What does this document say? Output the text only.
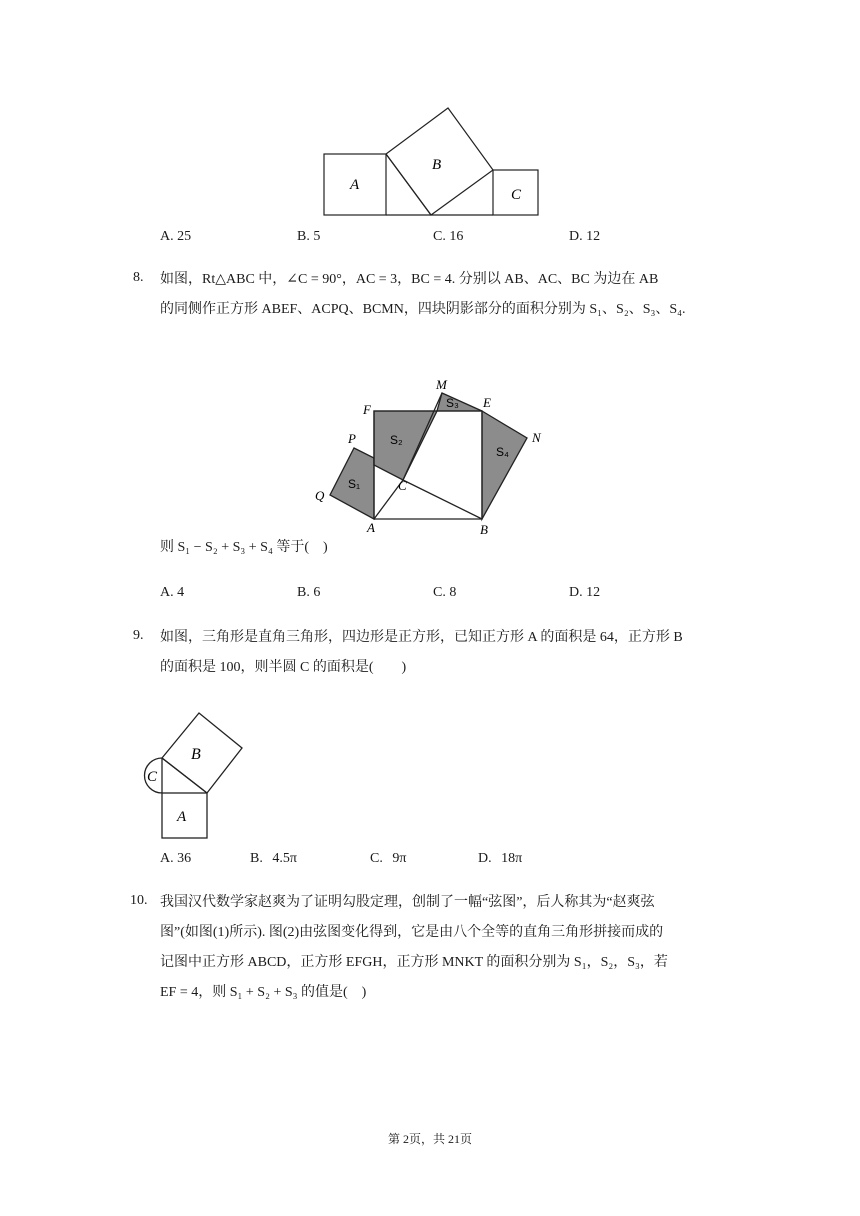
A
B
C
A. 25	B. 5	C. 16	D. 12
8. 如图，Rt△ABC 中，∠C = 90°，AC = 3，BC = 4. 分别以 AB、AC、BC 为边在 AB
的同侧作正方形 ABEF、ACPQ、BCMN，四块阴影部分的面积分别为 S₁、S₂、S₃、S₄.
M
E
F
N
P
Q
C
A	B
S₁
S₂
S₃
S₄
则 S₁ − S₂ + S₃ + S₄ 等于(　)
A. 4	B. 6	C. 8	D. 12
9. 如图，三角形是直角三角形，四边形是正方形，已知正方形 A 的面积是 64，正方形 B
的面积是 100，则半圆 C 的面积是(　　)
B
A
C
A. 36	B. 4.5π	C. 9π	D. 18π
10. 我国汉代数学家赵爽为了证明勾股定理，创制了一幅“弦图”，后人称其为“赵爽弦
图”(如图(1)所示). 图(2)由弦图变化得到，它是由八个全等的直角三角形拼接而成的
记图中正方形 ABCD，正方形 EFGH，正方形 MNKT 的面积分别为 S₁，S₂，S₃，若
EF = 4，则 S₁ + S₂ + S₃ 的值是(　)
第 2页，共 21页
